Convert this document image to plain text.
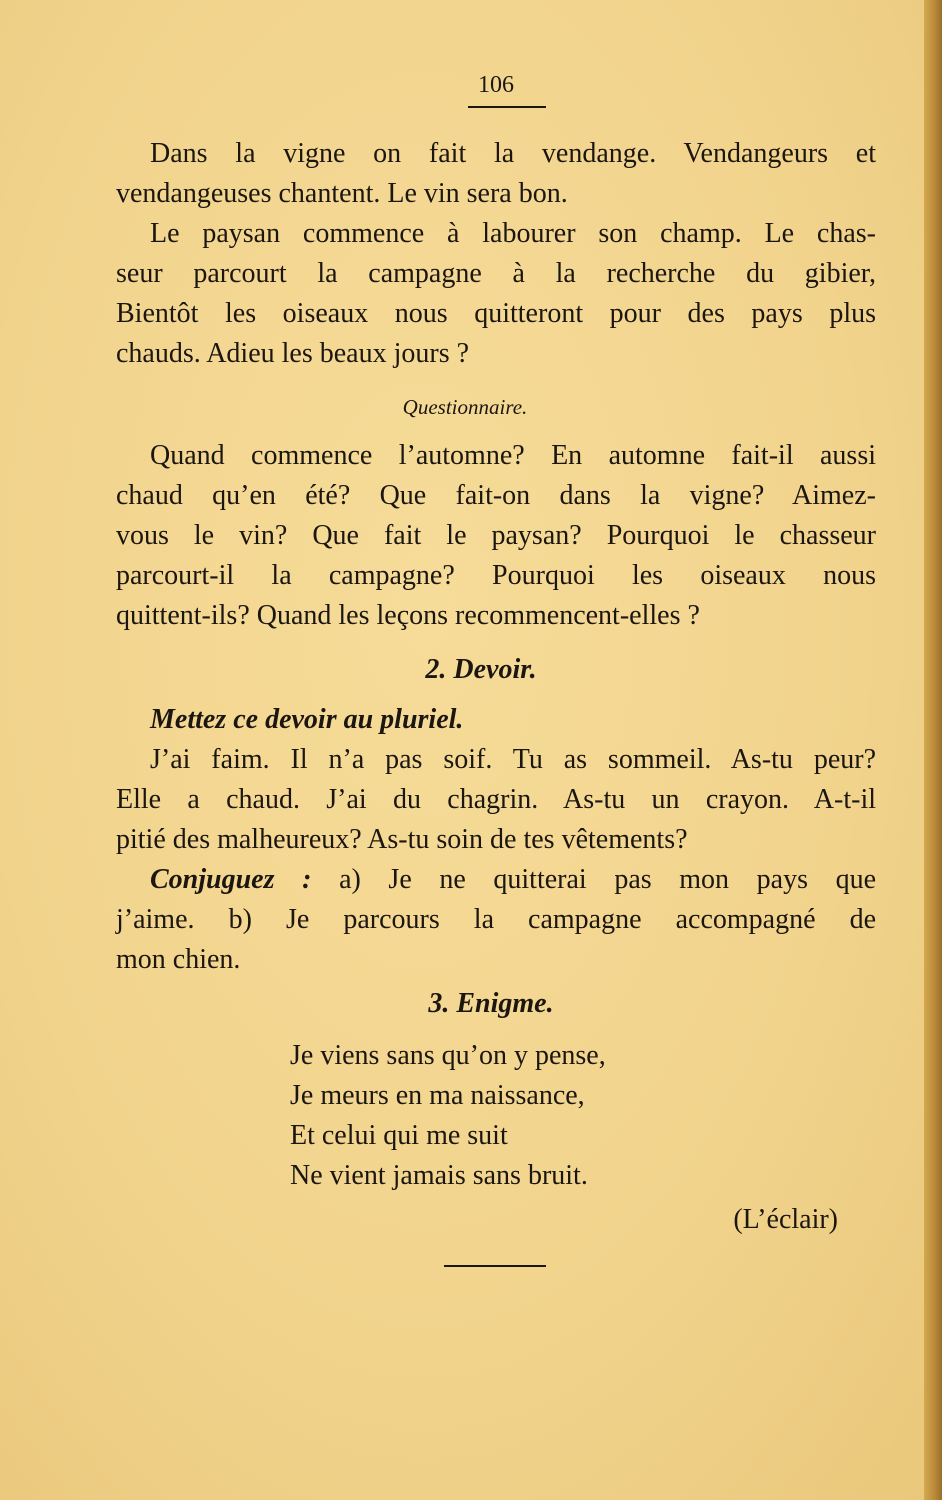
106
Dans la vigne on fait la vendange. Vendangeurs et
vendangeuses chantent. Le vin sera bon.
Le paysan commence à labourer son champ. Le chas-
seur parcourt la campagne à la recherche du gibier,
Bientôt les oiseaux nous quitteront pour des pays plus
chauds. Adieu les beaux jours ?
Questionnaire.
Quand commence l’automne? En automne fait-il aussi
chaud qu’en été? Que fait-on dans la vigne? Aimez-
vous le vin? Que fait le paysan? Pourquoi le chasseur
parcourt-il la campagne? Pourquoi les oiseaux nous
quittent-ils? Quand les leçons recommencent-elles ?
2. Devoir.
Mettez ce devoir au pluriel.
J’ai faim. Il n’a pas soif. Tu as sommeil. As-tu peur?
Elle a chaud. J’ai du chagrin. As-tu un crayon. A-t-il
pitié des malheureux? As-tu soin de tes vêtements?
Conjuguez : a) Je ne quitterai pas mon pays que
j’aime. b) Je parcours la campagne accompagné de
mon chien.
3. Enigme.
Je viens sans qu’on y pense,
Je meurs en ma naissance,
Et celui qui me suit
Ne vient jamais sans bruit.
(L’éclair)
